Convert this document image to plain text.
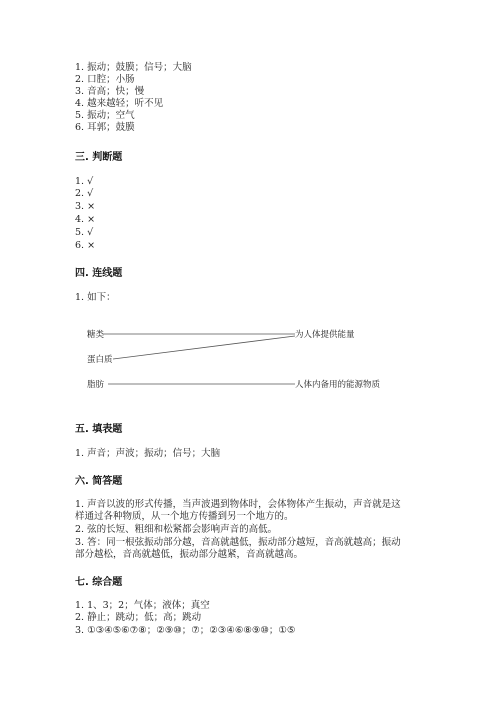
1. 振动；鼓膜；信号；大脑
2. 口腔；小肠
3. 音高；快；慢
4. 越来越轻；听不见
5. 振动；空气
6. 耳郭；鼓膜
三. 判断题
1. √
2. √
3. ×
4. ×
5. √
6. ×
四. 连线题
1. 如下：
糖类
蛋白质
脂肪
为人体提供能量
人体内备用的能源物质
五. 填表题
1. 声音；声波；振动；信号；大脑
六. 简答题
1. 声音以波的形式传播，当声波遇到物体时，会体物体产生振动，声音就是这
样通过各种物质，从一个地方传播到另一个地方的。
2. 弦的长短、粗细和松紧都会影响声音的高低。
3. 答：同一根弦振动部分越，音高就越低，振动部分越短，音高就越高；振动
部分越松，音高就越低，振动部分越紧，音高就越高。
七. 综合题
1. 1、3；2；气体；液体；真空
2. 静止；跳动；低；高；跳动
3. ①③④⑤⑥⑦⑧；②⑨⑩；⑦；②③④⑥⑧⑨⑩；①⑤
